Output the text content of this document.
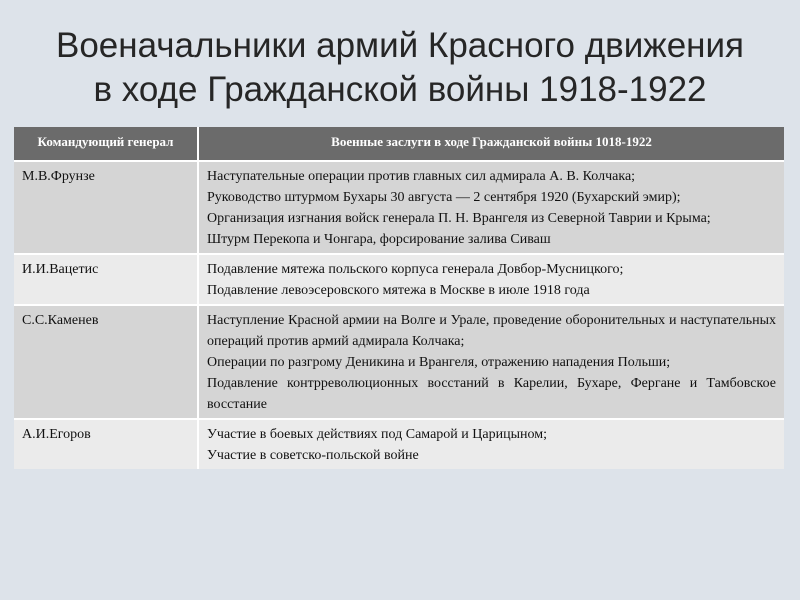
Военачальники армий Красного движения
в ходе Гражданской войны 1918-1922
Командующий генерал	Военные заслуги в ходе Гражданской войны 1018-1922
М.В.Фрунзе	Наступательные операции против главных сил адмирала А. В. Колчака;
Руководство штурмом Бухары 30 августа — 2 сентября 1920 (Бухарский эмир);
Организация изгнания войск генерала П. Н. Врангеля из Северной Таврии и Крыма;
Штурм Перекопа и Чонгара, форсирование залива Сиваш

И.И.Вацетис	Подавление мятежа польского корпуса генерала Довбор-Мусницкого;
Подавление левоэсеровского мятежа в Москве в июле 1918 года

С.С.Каменев	Наступление Красной армии на Волге и Урале, проведение оборонительных и наступательных операций против армий адмирала Колчака;
Операции по разгрому Деникина и Врангеля, отражению нападения Польши;
Подавление контрреволюционных восстаний в Карелии, Бухаре, Фергане и Тамбовское восстание

А.И.Егоров	Участие в боевых действиях под Самарой и Царицыном;
Участие в советско-польской войне
